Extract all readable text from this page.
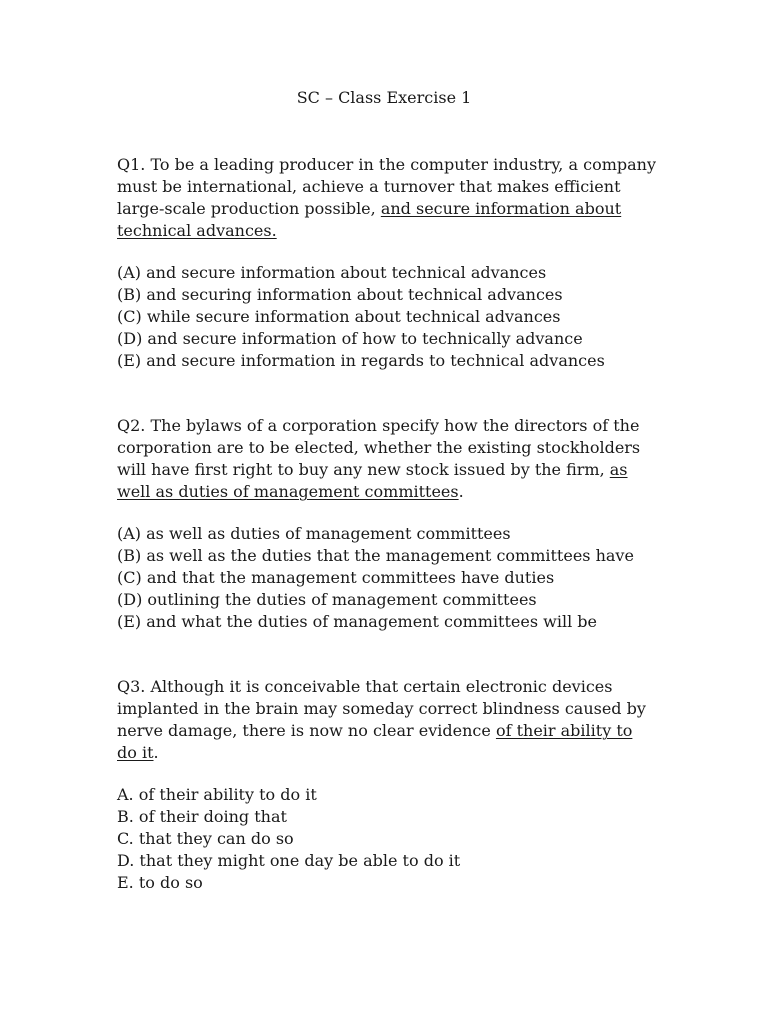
SC – Class Exercise 1

Q1. To be a leading producer in the computer industry, a company must be international, achieve a turnover that makes efficient large-scale production possible, and secure information about technical advances.

(A) and secure information about technical advances
(B) and securing information about technical advances
(C) while secure information about technical advances
(D) and secure information of how to technically advance
(E) and secure information in regards to technical advances

Q2. The bylaws of a corporation specify how the directors of the corporation are to be elected, whether the existing stockholders will have first right to buy any new stock issued by the firm, as well as duties of management committees.

(A) as well as duties of management committees
(B) as well as the duties that the management committees have
(C) and that the management committees have duties
(D) outlining the duties of management committees
(E) and what the duties of management committees will be

Q3. Although it is conceivable that certain electronic devices implanted in the brain may someday correct blindness caused by nerve damage, there is now no clear evidence of their ability to do it.

A. of their ability to do it
B. of their doing that
C. that they can do so
D. that they might one day be able to do it
E. to do so
